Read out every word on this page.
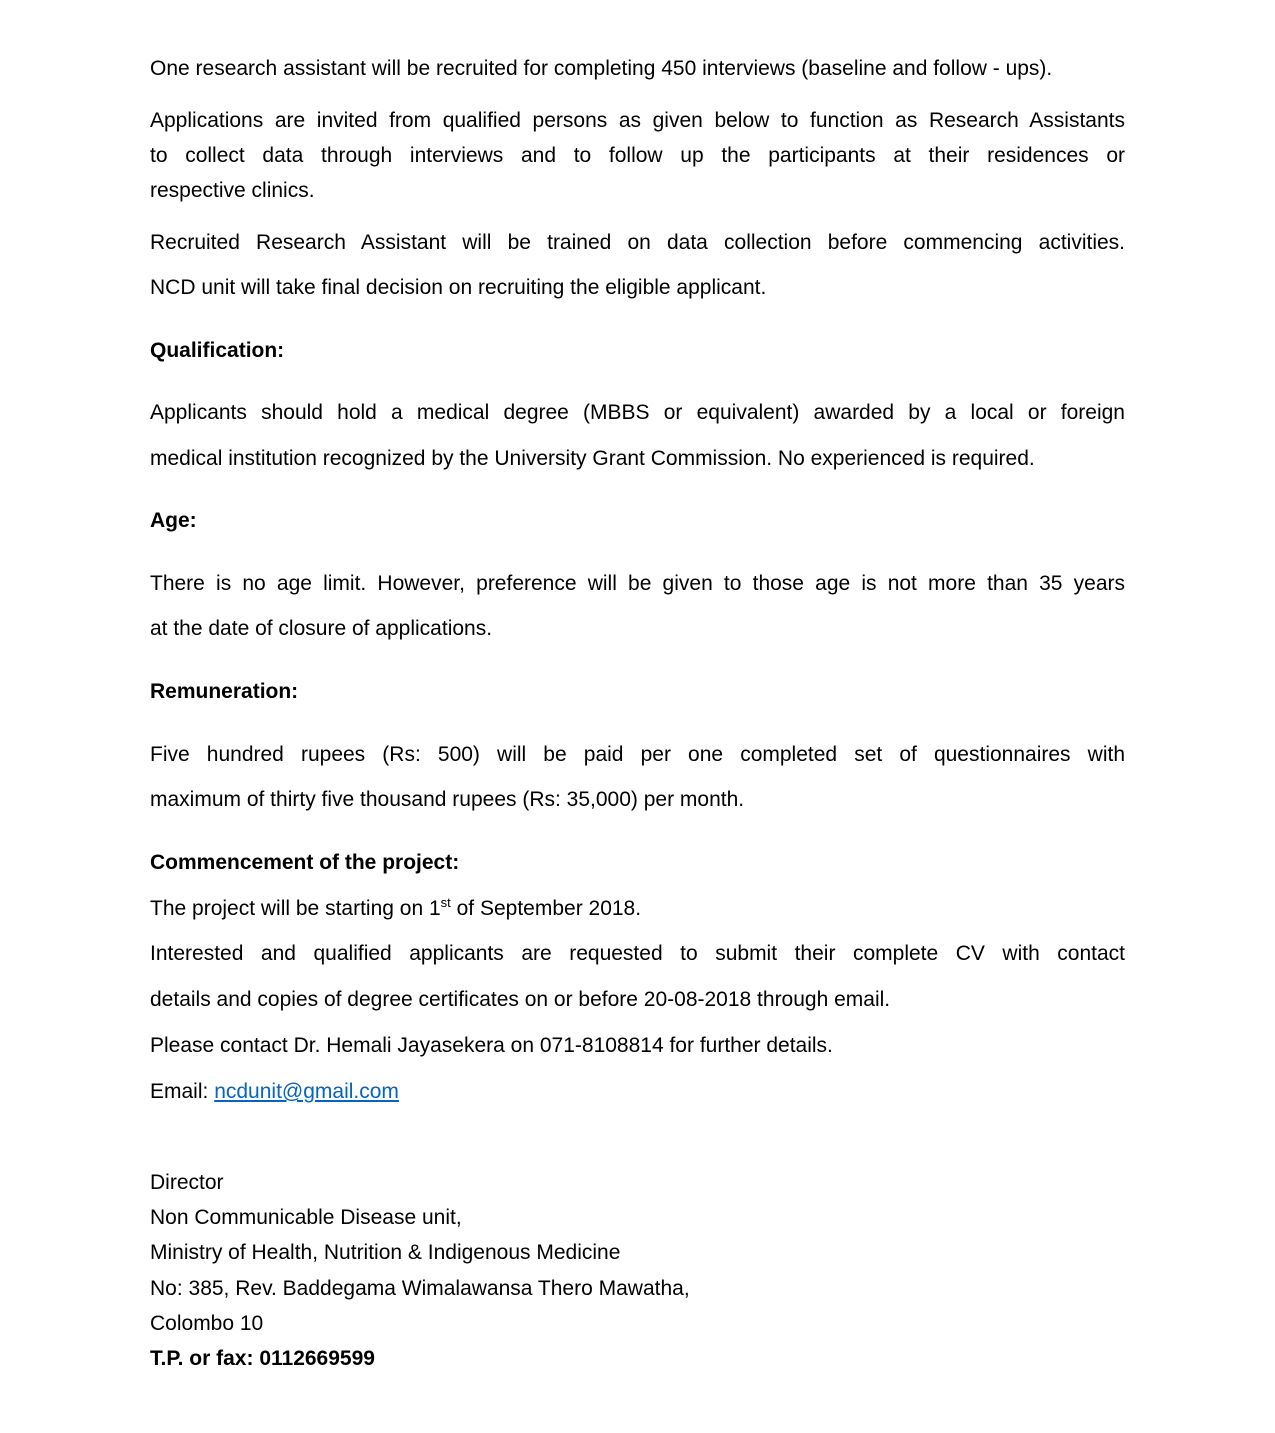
One research assistant will be recruited for completing 450 interviews (baseline and follow - ups).
Applications are invited from qualified persons as given below to function as Research Assistants
to collect data through interviews and to follow up the participants at their residences or
respective clinics.
Recruited Research Assistant will be trained on data collection before commencing activities.
NCD unit will take final decision on recruiting the eligible applicant.
Qualification:
Applicants should hold a medical degree (MBBS or equivalent) awarded by a local or foreign
medical institution recognized by the University Grant Commission. No experienced is required.
Age:
There is no age limit. However, preference will be given to those age is not more than 35 years
at the date of closure of applications.
Remuneration:
Five hundred rupees (Rs: 500) will be paid per one completed set of questionnaires with
maximum of thirty five thousand rupees (Rs: 35,000) per month.
Commencement of the project:
The project will be starting on 1st of September 2018.
Interested and qualified applicants are requested to submit their complete CV with contact
details and copies of degree certificates on or before 20-08-2018 through email.
Please contact Dr. Hemali Jayasekera on 071-8108814 for further details.
Email: ncdunit@gmail.com
Director
Non Communicable Disease unit,
Ministry of Health, Nutrition & Indigenous Medicine
No: 385, Rev. Baddegama Wimalawansa Thero Mawatha,
Colombo 10
T.P. or fax: 0112669599
